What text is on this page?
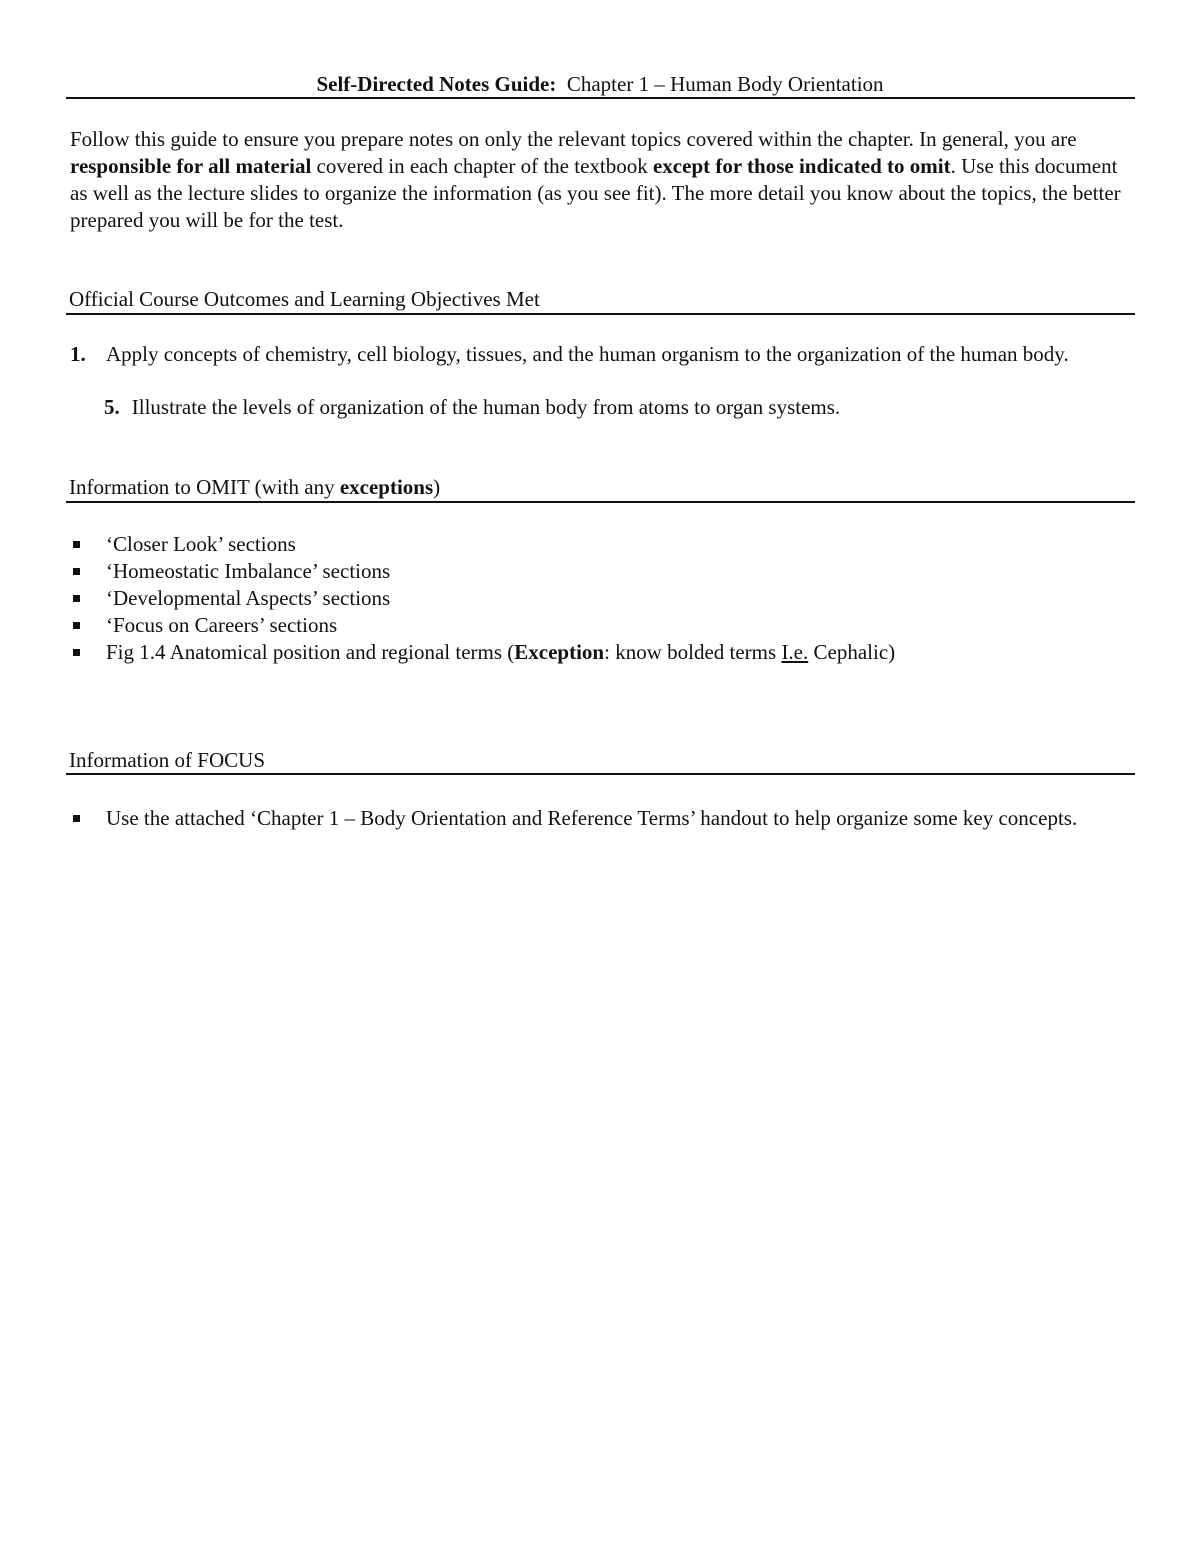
Self-Directed Notes Guide: Chapter 1 – Human Body Orientation

Follow this guide to ensure you prepare notes on only the relevant topics covered within the chapter. In general, you are responsible for all material covered in each chapter of the textbook except for those indicated to omit. Use this document as well as the lecture slides to organize the information (as you see fit). The more detail you know about the topics, the better prepared you will be for the test.

Official Course Outcomes and Learning Objectives Met
1. Apply concepts of chemistry, cell biology, tissues, and the human organism to the organization of the human body.
5. Illustrate the levels of organization of the human body from atoms to organ systems.
Information to OMIT (with any exceptions)
‘Closer Look’ sections
‘Homeostatic Imbalance’ sections
‘Developmental Aspects’ sections
‘Focus on Careers’ sections
Fig 1.4 Anatomical position and regional terms (Exception: know bolded terms I.e. Cephalic)
Information of FOCUS
Use the attached ‘Chapter 1 – Body Orientation and Reference Terms’ handout to help organize some key concepts.
